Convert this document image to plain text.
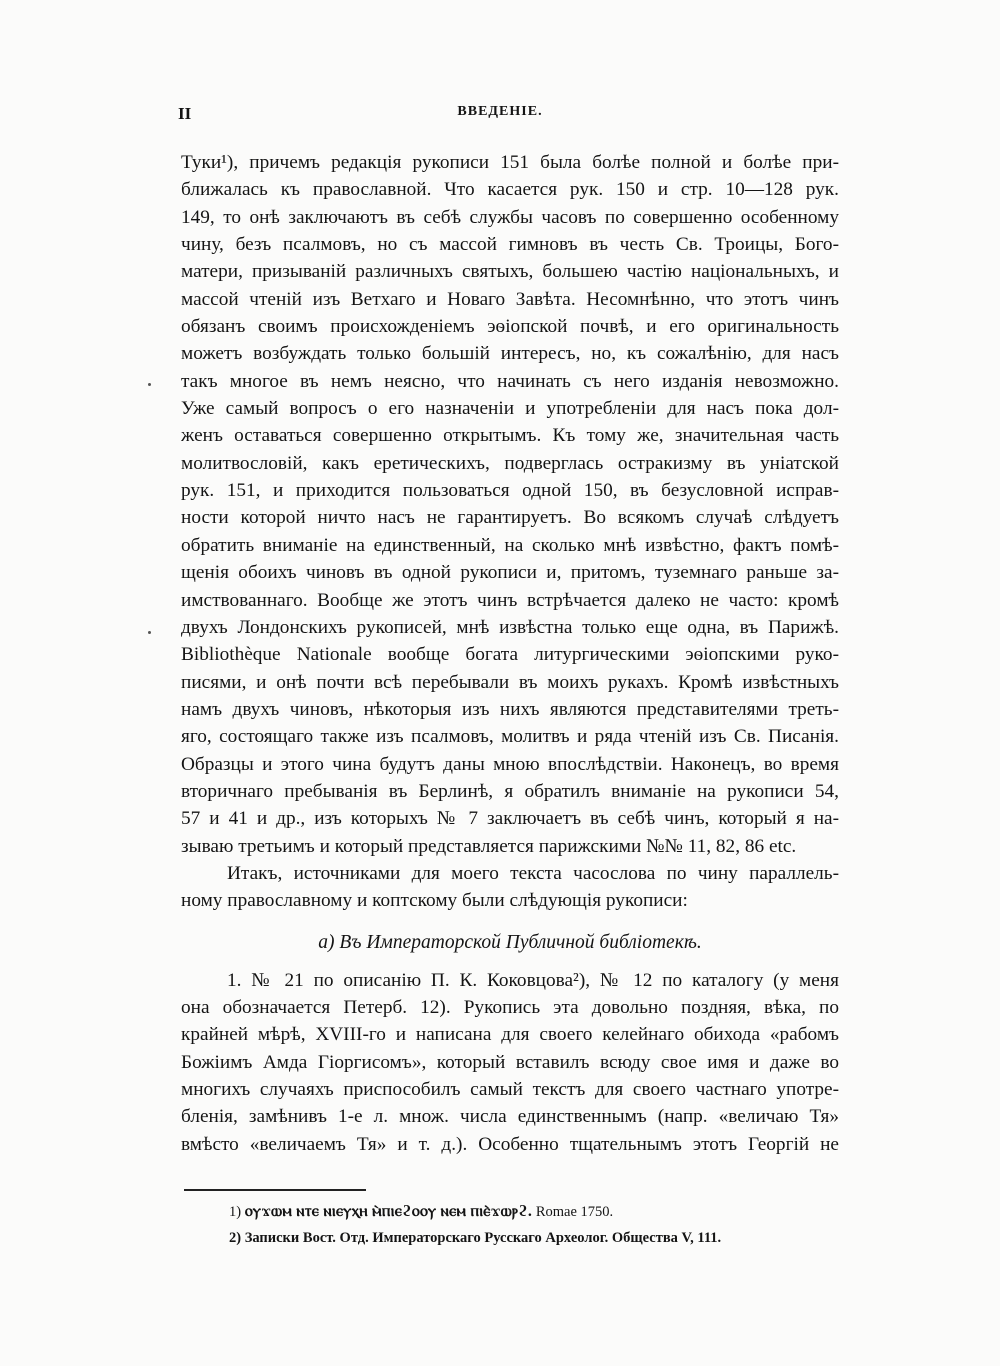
II	ВВЕДЕНІЕ.
Туки¹), причемъ редакція рукописи 151 была болѣе полной и болѣе при-
ближалась къ православной. Что касается рук. 150 и стр. 10—128 рук.
149, то онѣ заключаютъ въ себѣ службы часовъ по совершенно особенному
чину, безъ псалмовъ, но съ массой гимновъ въ честь Св. Троицы, Бого-
матери, призываній различныхъ святыхъ, большею частію національныхъ, и
массой чтеній изъ Ветхаго и Новаго Завѣта. Несомнѣнно, что этотъ чинъ
обязанъ своимъ происхожденіемъ эѳіопской почвѣ, и его оригинальность
можетъ возбуждать только большій интересъ, но, къ сожалѣнію, для насъ
такъ многое въ немъ неясно, что начинать съ него изданія невозможно.
Уже самый вопросъ о его назначеніи и употребленіи для насъ пока дол-
женъ оставаться совершенно открытымъ. Къ тому же, значительная часть
молитвословій, какъ еретическихъ, подверглась остракизму въ уніатской
рук. 151, и приходится пользоваться одной 150, въ безусловной исправ-
ности которой ничто насъ не гарантируетъ. Во всякомъ случаѣ слѣдуетъ
обратить вниманіе на единственный, на сколько мнѣ извѣстно, фактъ помѣ-
щенія обоихъ чиновъ въ одной рукописи и, притомъ, туземнаго раньше за-
имствованнаго. Вообще же этотъ чинъ встрѣчается далеко не часто: кромѣ
двухъ Лондонскихъ рукописей, мнѣ извѣстна только еще одна, въ Парижѣ.
Bibliothèque Nationale вообще богата литургическими эѳіопскими руко-
писями, и онѣ почти всѣ перебывали въ моихъ рукахъ. Кромѣ извѣстныхъ
намъ двухъ чиновъ, нѣкоторыя изъ нихъ являются представителями треть-
яго, состоящаго также изъ псалмовъ, молитвъ и ряда чтеній изъ Св. Писанія.
Образцы и этого чина будутъ даны мною впослѣдствіи. Наконецъ, во время
вторичнаго пребыванія въ Берлинѣ, я обратилъ вниманіе на рукописи 54,
57 и 41 и др., изъ которыхъ № 7 заключаетъ въ себѣ чинъ, который я на-
зываю третьимъ и который представляется парижскими №№ 11, 82, 86 etc.
Итакъ, источниками для моего текста часослова по чину параллель-
ному православному и коптскому были слѣдующія рукописи:
а) Въ Императорской Публичной библіотекѣ.
1. № 21 по описанію П. К. Коковцова²), № 12 по каталогу (у меня
она обозначается Петерб. 12). Рукопись эта довольно поздняя, вѣка, по
крайней мѣрѣ, XVIII-го и написана для своего келейнаго обихода «рабомъ
Божіимъ Амда Гіоргисомъ», который вставилъ всюду свое имя и даже во
многихъ случаяхъ приспособилъ самый текстъ для своего частнаго употре-
бленія, замѣнивъ 1-е л. множ. числа единственнымъ (напр. «величаю Тя»
вмѣсто «величаемъ Тя» и т. д.). Особенно тщательнымъ этотъ Георгій не
1) ⲟⲩϫⲱⲙ ⲛⲧⲉ ⲛⲓⲉⲩⲭⲏ ⲙ̀ⲡⲓⲉϩⲟⲟⲩ ⲛⲉⲙ ⲡⲓⲉ̀ϫⲱⲣϩ. Romae 1750.
2) Записки Вост. Отд. Императорскаго Русскаго Археолог. Общества V, 111.
